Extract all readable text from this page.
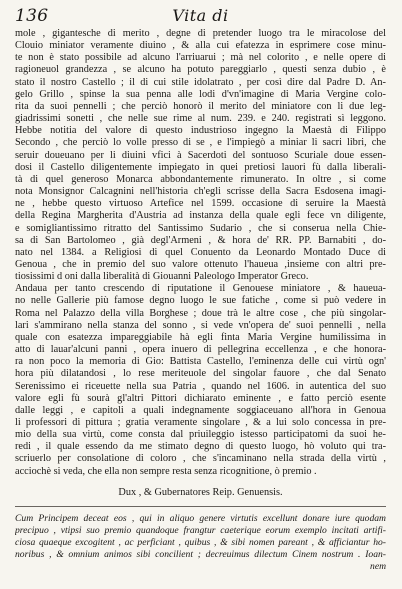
136	Vita di
mole , gigantesche di merito , degne di pretender luogo tra le miracolose del
Clouio miniator veramente diuino , & alla cui efatezza in esprimere cose minu-
te non è stato possibile ad alcuno l'arriuarui ; mà nel colorito , e nelle opere di
ragioneuol grandezza , se alcuno ha potuto pareggiarlo , questi senza dubio , è
stato il nostro Castello ; il di cui stile idolatrato , per così dire dal Padre D. An-
gelo Grillo , spinse la sua penna alle lodi d'vn'imagine di Maria Vergine colo-
rita da suoi pennelli ; che perciò honorò il merito del miniatore con li due leg-
giadrissimi sonetti , che nelle sue rime al num. 239. e 240. registrati sì leggono.
Hebbe notitia del valore di questo industrioso ingegno la Maestà di Filippo
Secondo , che perciò lo volle presso di se , e l'impiegò a miniar li sacri libri, che
seruir doueuano per li diuini vfici à Sacerdoti del sontuoso Scuriale doue essen-
dosi il Castello diligentemente impiegato in quei pretiosi lauori fù dalla liberali-
tà di quel generoso Monarca abbondantemente rimunerato. In oltre , si come
nota Monsignor Calcagnini nell'historia ch'egli scrisse della Sacra Esdosena imagi-
ne , hebbe questo virtuoso Artefice nel 1599. occasione di seruire la Maestà
della Regina Margherita d'Austria ad instanza della quale egli fece vn diligente,
e somigliantissimo ritratto del Santissimo Sudario , che si conserua nella Chie-
sa di San Bartolomeo , già degl'Armeni , & hora de' RR. PP. Barnabiti , do-
nato nel 1384. a Religiosi di quel Conuento da Leonardo Montado Duce di
Genoua , che in premio del suo valore ottenuto l'haueua ,insieme con altri pre-
tiosissimi d oni dalla liberalità di Giouanni Paleologo Imperator Greco.
Andaua per tanto crescendo di riputatione il Genouese miniatore , & haueua-
no nelle Gallerie più famose degno luogo le sue fatiche , come sì può vedere in
Roma nel Palazzo della villa Borghese ; doue trà le altre cose , che più singolar-
lari s'ammirano nella stanza del sonno , si vede vn'opera de' suoi pennelli , nella
quale con esatezza impareggiabile hà egli finta Maria Vergine humilissima in
atto di lauar'alcuni panni , opera inuero di pellegrina eccellenza , e che honora-
ra non poco la memoria di Gio: Battista Castello, l'eminenza delle cui virtù ogn'
hora più dilatandosi , lo rese meriteuole del singolar fauore , che dal Senato
Serenissimo ei riceuette nella sua Patria , quando nel 1606. in autentica del suo
valore egli fù sourà gl'altri Pittori dichiarato eminente , e fatto perciò esente
dalle leggi , e capitoli a quali indegnamente soggiaceuano all'hora in Genoua
li professori di pittura ; gratia veramente singolare , & a lui solo concessa in pre-
mio della sua virtù, come consta dal priuileggio istesso participatomi da suoi he-
redi , il quale essendo da me stimato degno di questo luogo, hò voluto qui tra-
scriuerlo per consolatione di coloro , che s'incaminano nella strada della virtù ,
acciochè si veda, che ella non sempre resta senza ricognitione, ò premio .
Dux , & Gubernatores Reip. Genuensis.
Cum Principem deceat eos , qui in aliquo genere virtutis excellunt donare iure quodam
precipuo , vtipsi suo premio quandoque frangtur caeterique eorum exemplo incitati artifi-
ciosa quaeque excogitent , ac perficiant , quibus , & sibi nomen pareant , & afficiantur ho-
noribus , & omnium animos sibi concilient ; decreuimus dilectum Cinem nostrum . Ioan-
nem
